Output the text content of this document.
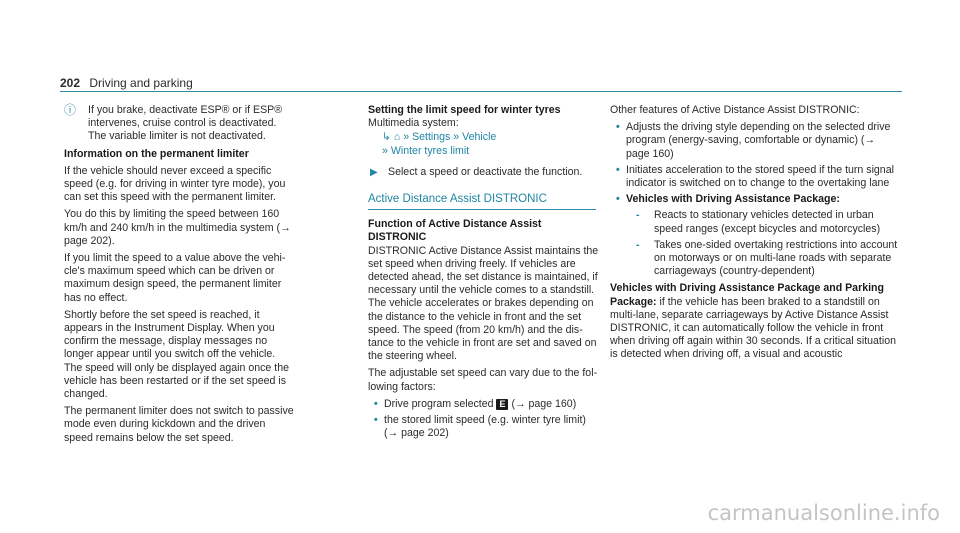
202 Driving and parking
ⓘ If you brake, deactivate ESP® or if ESP® intervenes, cruise control is deactivated. The variable limiter is not deactivated.

Information on the permanent limiter

If the vehicle should never exceed a specific speed (e.g. for driving in winter tyre mode), you can set this speed with the permanent limiter.

You do this by limiting the speed between 160 km/h and 240 km/h in the multimedia system (→ page 202).

If you limit the speed to a value above the vehicle's maximum speed which can be driven or maximum design speed, the permanent limiter has no effect.

Shortly before the set speed is reached, it appears in the Instrument Display. When you confirm the message, display messages no longer appear until you switch off the vehicle. The speed will only be displayed again once the vehicle has been restarted or if the set speed is changed.

The permanent limiter does not switch to passive mode even during kickdown and the driven speed remains below the set speed.

Setting the limit speed for winter tyres

Multimedia system:

↳ ⌂ » Settings » Vehicle
» Winter tyres limit
▶ Select a speed or deactivate the function.
Active Distance Assist DISTRONIC

Function of Active Distance Assist DISTRONIC

DISTRONIC Active Distance Assist maintains the set speed when driving freely. If vehicles are detected ahead, the set distance is maintained, if necessary until the vehicle comes to a standstill. The vehicle accelerates or brakes depending on the distance to the vehicle in front and the set speed. The speed (from 20 km/h) and the distance to the vehicle in front are set and saved on the steering wheel.

The adjustable set speed can vary due to the following factors:

• Drive program selected E (→ page 160)
• the stored limit speed (e.g. winter tyre limit) (→ page 202)

Other features of Active Distance Assist DISTRONIC:

• Adjusts the driving style depending on the selected drive program (energy-saving, comfortable or dynamic) (→ page 160)
• Initiates acceleration to the stored speed if the turn signal indicator is switched on to change to the overtaking lane
• Vehicles with Driving Assistance Package:
- Reacts to stationary vehicles detected in urban speed ranges (except bicycles and motorcycles)
- Takes one-sided overtaking restrictions into account on motorways or on multi-lane roads with separate carriageways (country-dependent)

Vehicles with Driving Assistance Package and Parking Package: if the vehicle has been braked to a standstill on multi-lane, separate carriageways by Active Distance Assist DISTRONIC, it can automatically follow the vehicle in front when driving off again within 30 seconds. If a critical situation is detected when driving off, a visual and acoustic

carmanualsonline.info
